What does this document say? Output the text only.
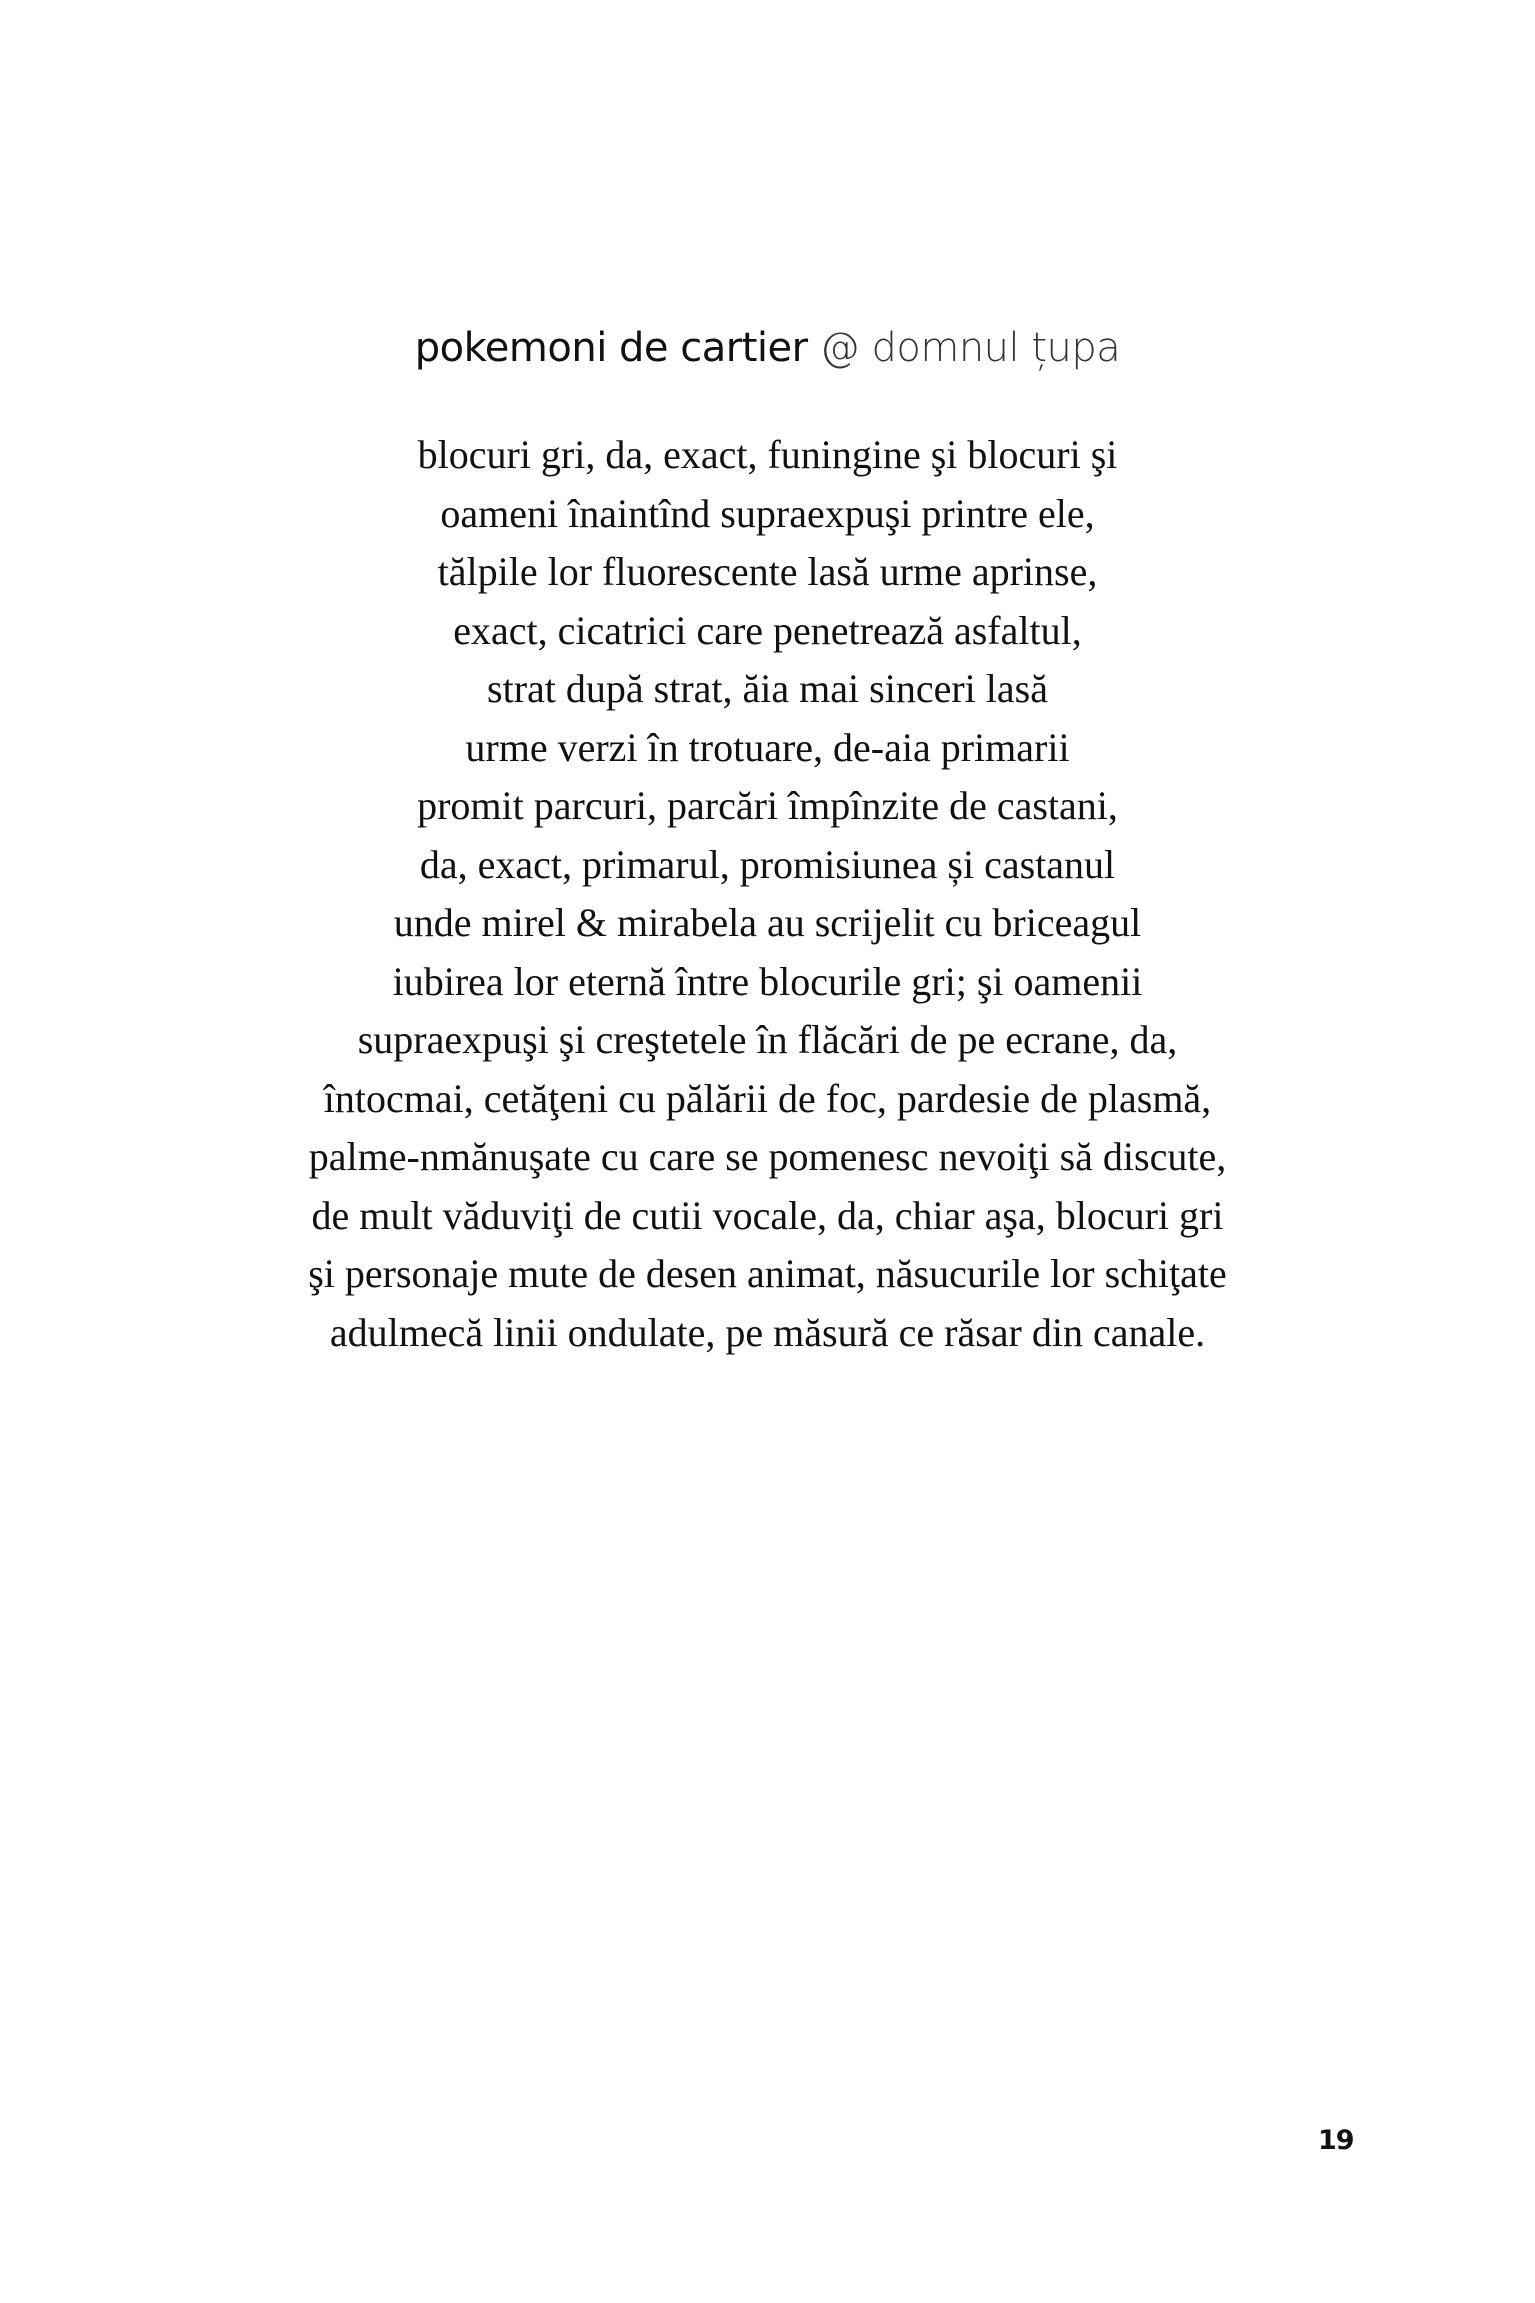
pokemoni de cartier @ domnul țupa
blocuri gri, da, exact, funingine şi blocuri şi
oameni înaintînd supraexpuşi printre ele,
tălpile lor fluorescente lasă urme aprinse,
exact, cicatrici care penetrează asfaltul,
strat după strat, ăia mai sinceri lasă
urme verzi în trotuare, de-aia primarii
promit parcuri, parcări împînzite de castani,
da, exact, primarul, promisiunea și castanul
unde mirel & mirabela au scrijelit cu briceagul
iubirea lor eternă între blocurile gri; şi oamenii
supraexpuşi şi creştetele în flăcări de pe ecrane, da,
întocmai, cetăţeni cu pălării de foc, pardesie de plasmă,
palme-nmănuşate cu care se pomenesc nevoiţi să discute,
de mult văduviţi de cutii vocale, da, chiar aşa, blocuri gri
şi personaje mute de desen animat, năsucurile lor schiţate
adulmecă linii ondulate, pe măsură ce răsar din canale.
19
